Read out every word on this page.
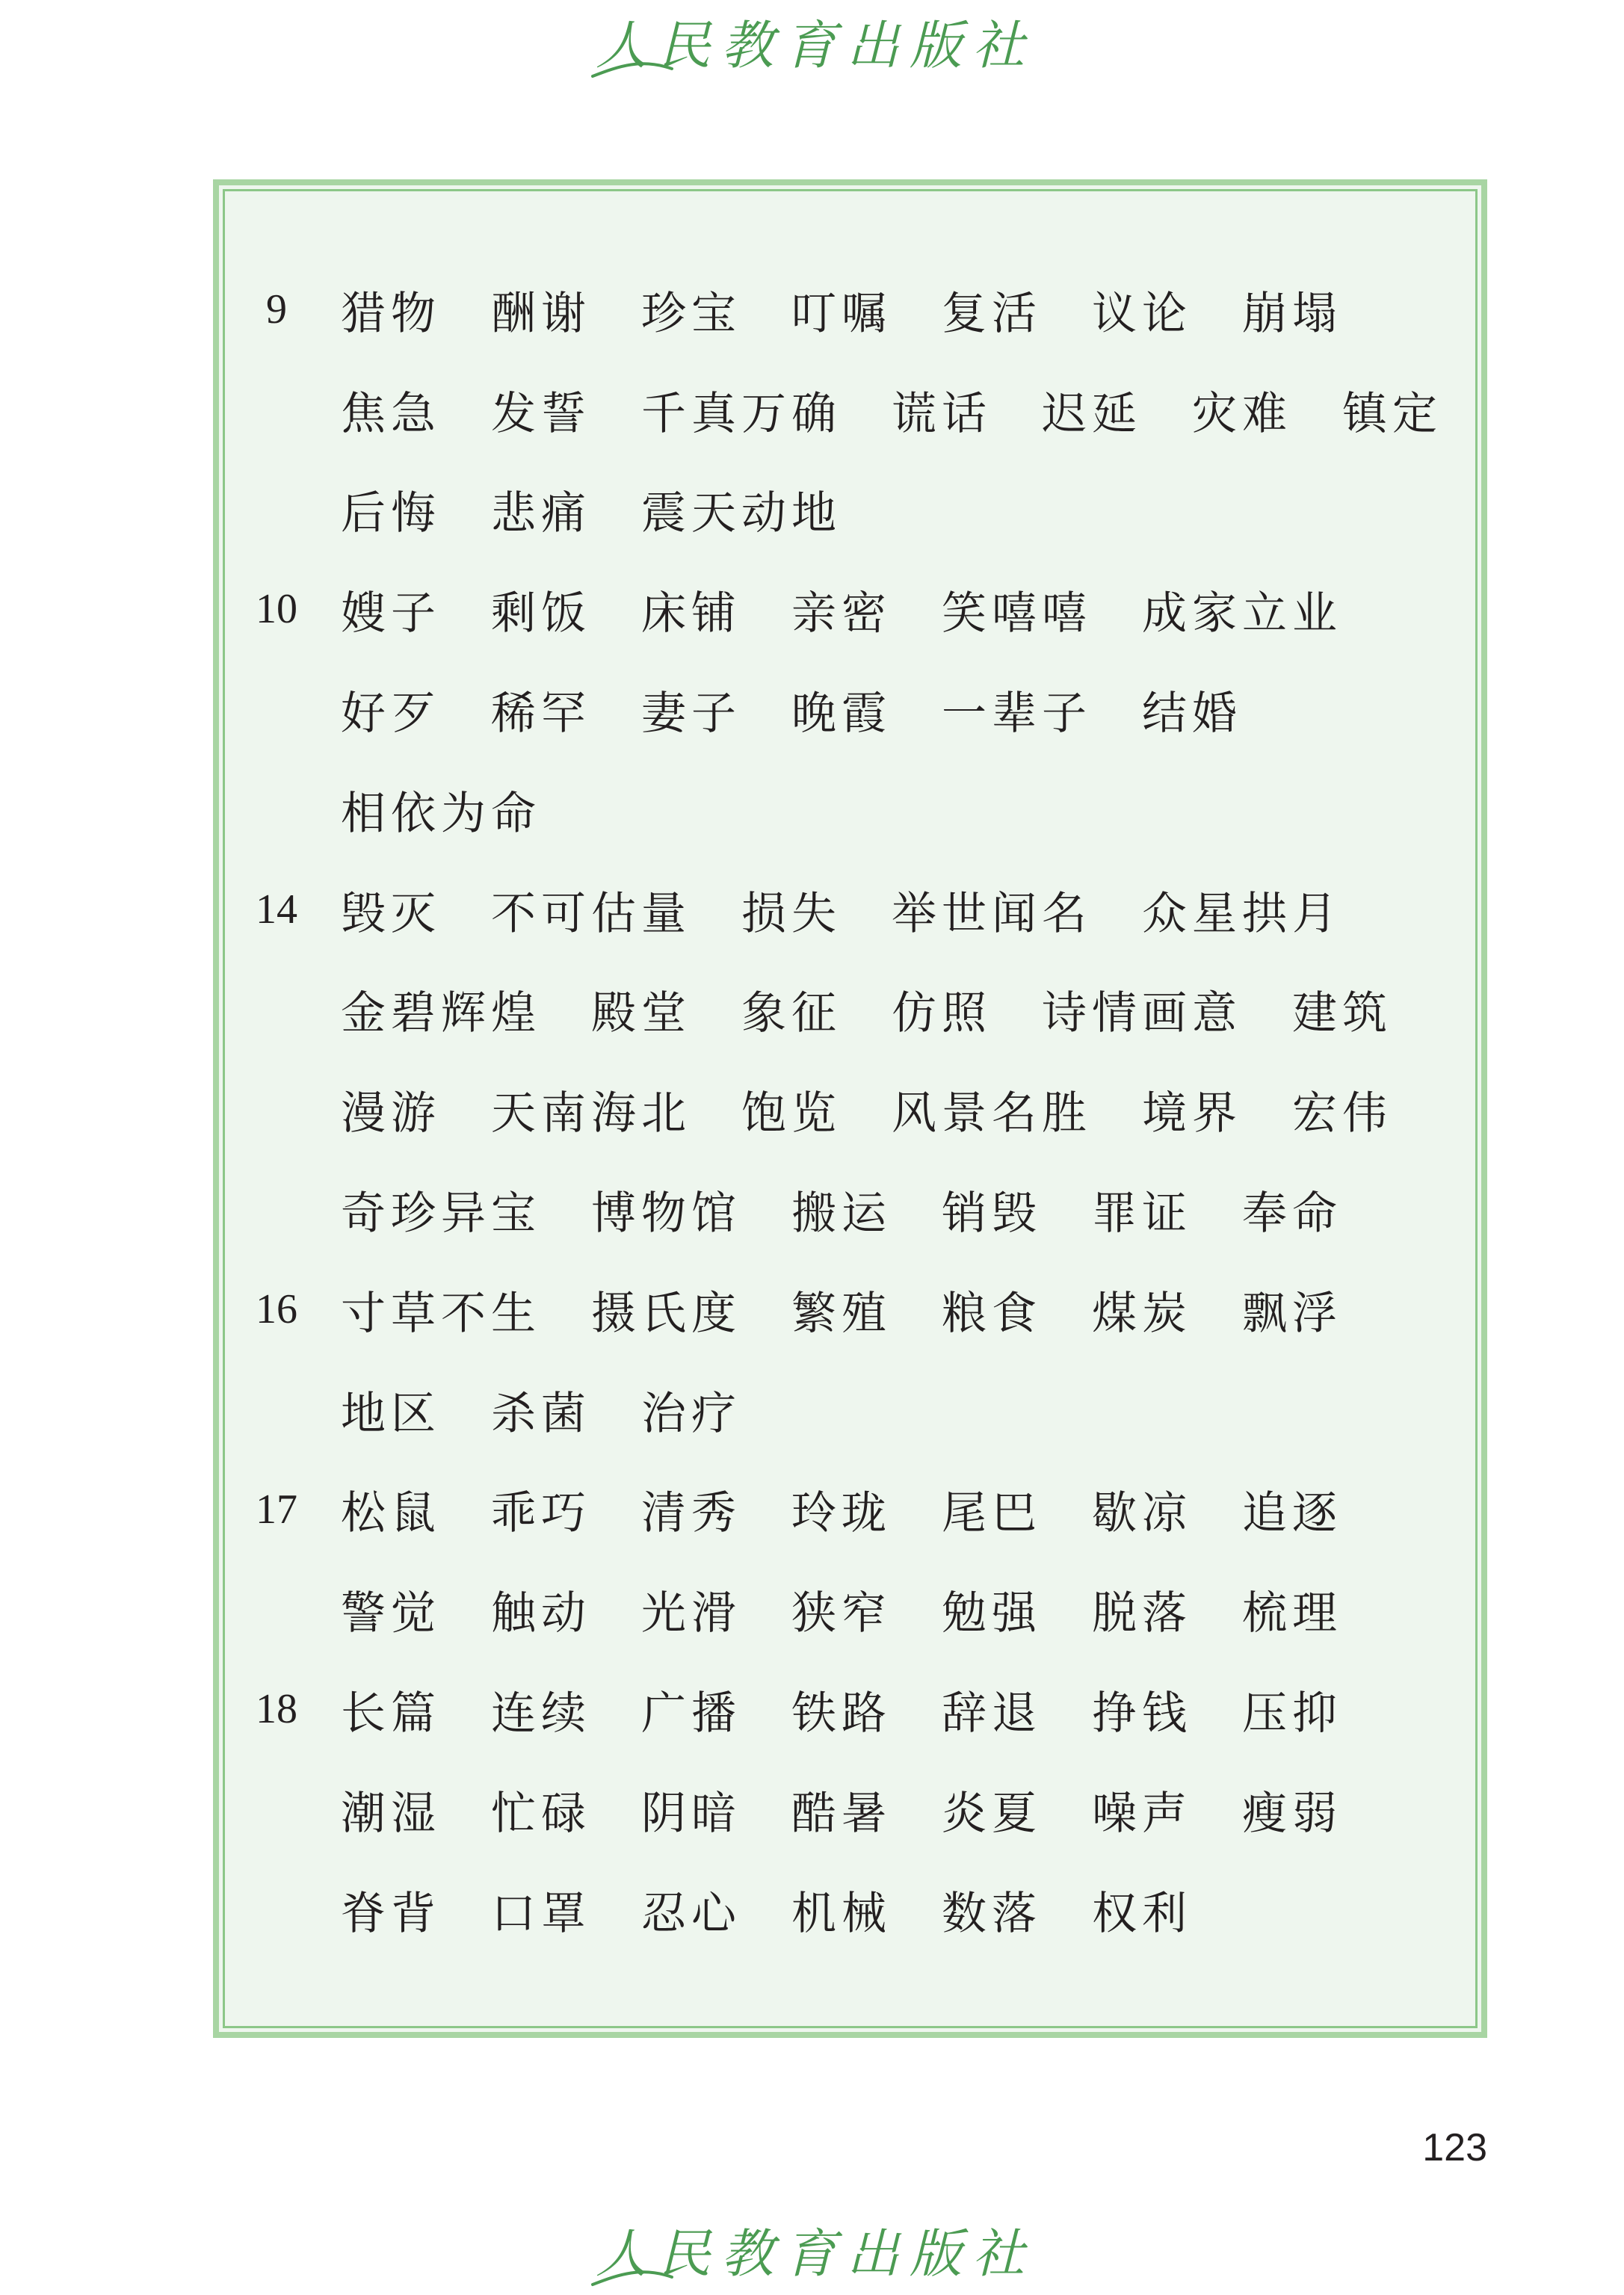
人民教育出版社
9	猎物 酬谢 珍宝 叮嘱 复活 议论 崩塌
焦急 发誓 千真万确 谎话 迟延 灾难 镇定
后悔 悲痛 震天动地
10 嫂子 剩饭 床铺 亲密 笑嘻嘻 成家立业
好歹 稀罕 妻子 晚霞 一辈子 结婚
相依为命
14 毁灭 不可估量 损失 举世闻名 众星拱月
金碧辉煌 殿堂 象征 仿照 诗情画意 建筑
漫游 天南海北 饱览 风景名胜 境界 宏伟
奇珍异宝 博物馆 搬运 销毁 罪证 奉命
16 寸草不生 摄氏度 繁殖 粮食 煤炭 飘浮
地区 杀菌 治疗
17 松鼠 乖巧 清秀 玲珑 尾巴 歇凉 追逐
警觉 触动 光滑 狭窄 勉强 脱落 梳理
18 长篇 连续 广播 铁路 辞退 挣钱 压抑
潮湿 忙碌 阴暗 酷暑 炎夏 噪声 瘦弱
脊背 口罩 忍心 机械 数落 权利
123
人民教育出版社
